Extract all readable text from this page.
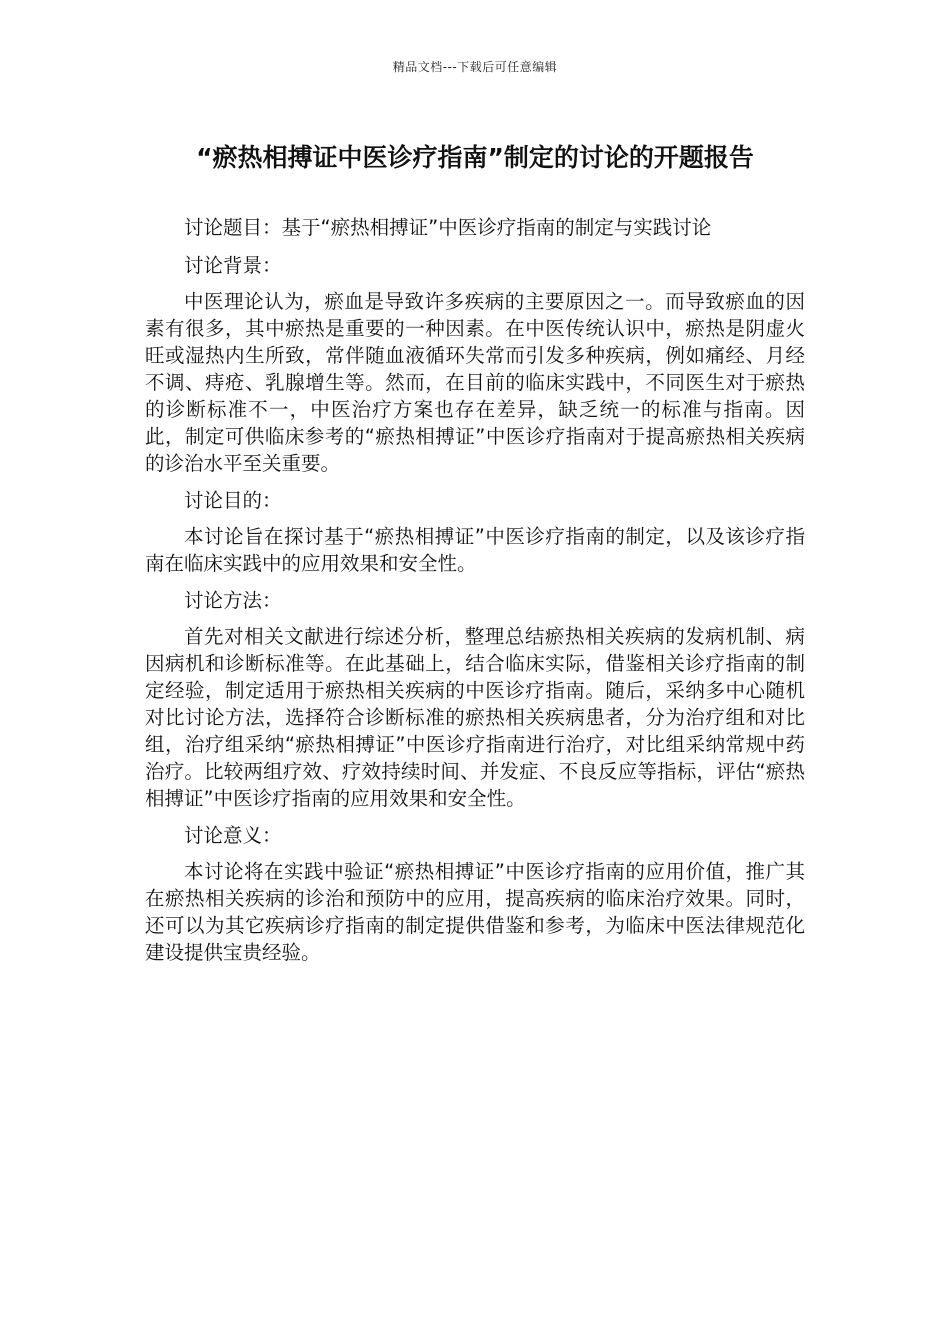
精品文档---下载后可任意编辑
“瘀热相搏证中医诊疗指南”制定的讨论的开题报告

讨论题目：基于“瘀热相搏证”中医诊疗指南的制定与实践讨论

讨论背景：

中医理论认为，瘀血是导致许多疾病的主要原因之一。而导致瘀血的因素有很多，其中瘀热是重要的一种因素。在中医传统认识中，瘀热是阴虚火旺或湿热内生所致，常伴随血液循环失常而引发多种疾病，例如痛经、月经不调、痔疮、乳腺增生等。然而，在目前的临床实践中，不同医生对于瘀热的诊断标准不一，中医治疗方案也存在差异，缺乏统一的标准与指南。因此，制定可供临床参考的“瘀热相搏证”中医诊疗指南对于提高瘀热相关疾病的诊治水平至关重要。

讨论目的：

本讨论旨在探讨基于“瘀热相搏证”中医诊疗指南的制定，以及该诊疗指南在临床实践中的应用效果和安全性。

讨论方法：

首先对相关文献进行综述分析，整理总结瘀热相关疾病的发病机制、病因病机和诊断标准等。在此基础上，结合临床实际，借鉴相关诊疗指南的制定经验，制定适用于瘀热相关疾病的中医诊疗指南。随后，采纳多中心随机对比讨论方法，选择符合诊断标准的瘀热相关疾病患者，分为治疗组和对比组，治疗组采纳“瘀热相搏证”中医诊疗指南进行治疗，对比组采纳常规中药治疗。比较两组疗效、疗效持续时间、并发症、不良反应等指标，评估“瘀热相搏证”中医诊疗指南的应用效果和安全性。

讨论意义：

本讨论将在实践中验证“瘀热相搏证”中医诊疗指南的应用价值，推广其在瘀热相关疾病的诊治和预防中的应用，提高疾病的临床治疗效果。同时，还可以为其它疾病诊疗指南的制定提供借鉴和参考，为临床中医法律规范化建设提供宝贵经验。
